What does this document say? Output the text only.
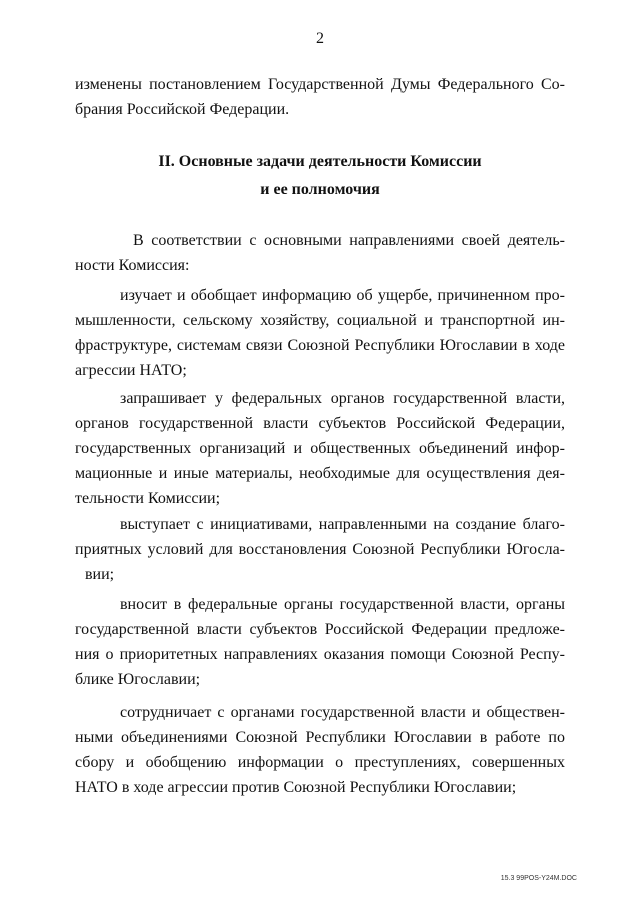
2
изменены постановлением Государственной Думы Федерального Со-
брания Российской Федерации.
II. Основные задачи деятельности Комиссии
и ее полномочия
В соответствии с основными направлениями своей деятель-
ности Комиссия:
изучает и обобщает информацию об ущербе, причиненном про-
мышленности, сельскому хозяйству, социальной и транспортной ин-
фраструктуре, системам связи Союзной Республики Югославии в ходе
агрессии НАТО;
запрашивает у федеральных органов государственной власти,
органов государственной власти субъектов Российской Федерации,
государственных организаций и общественных объединений инфор-
мационные и иные материалы, необходимые для осуществления дея-
тельности Комиссии;
выступает с инициативами, направленными на создание благо-
приятных условий для восстановления Союзной Республики Югосла-
вии;
вносит в федеральные органы государственной власти, органы
государственной власти субъектов Российской Федерации предложе-
ния о приоритетных направлениях оказания помощи Союзной Респу-
блике Югославии;
сотрудничает с органами государственной власти и обществен-
ными объединениями Союзной Республики Югославии в работе по
сбору и обобщению информации о преступлениях, совершенных
НАТО в ходе агрессии против Союзной Республики Югославии;
15.3 99POS-Y24M.DOC
